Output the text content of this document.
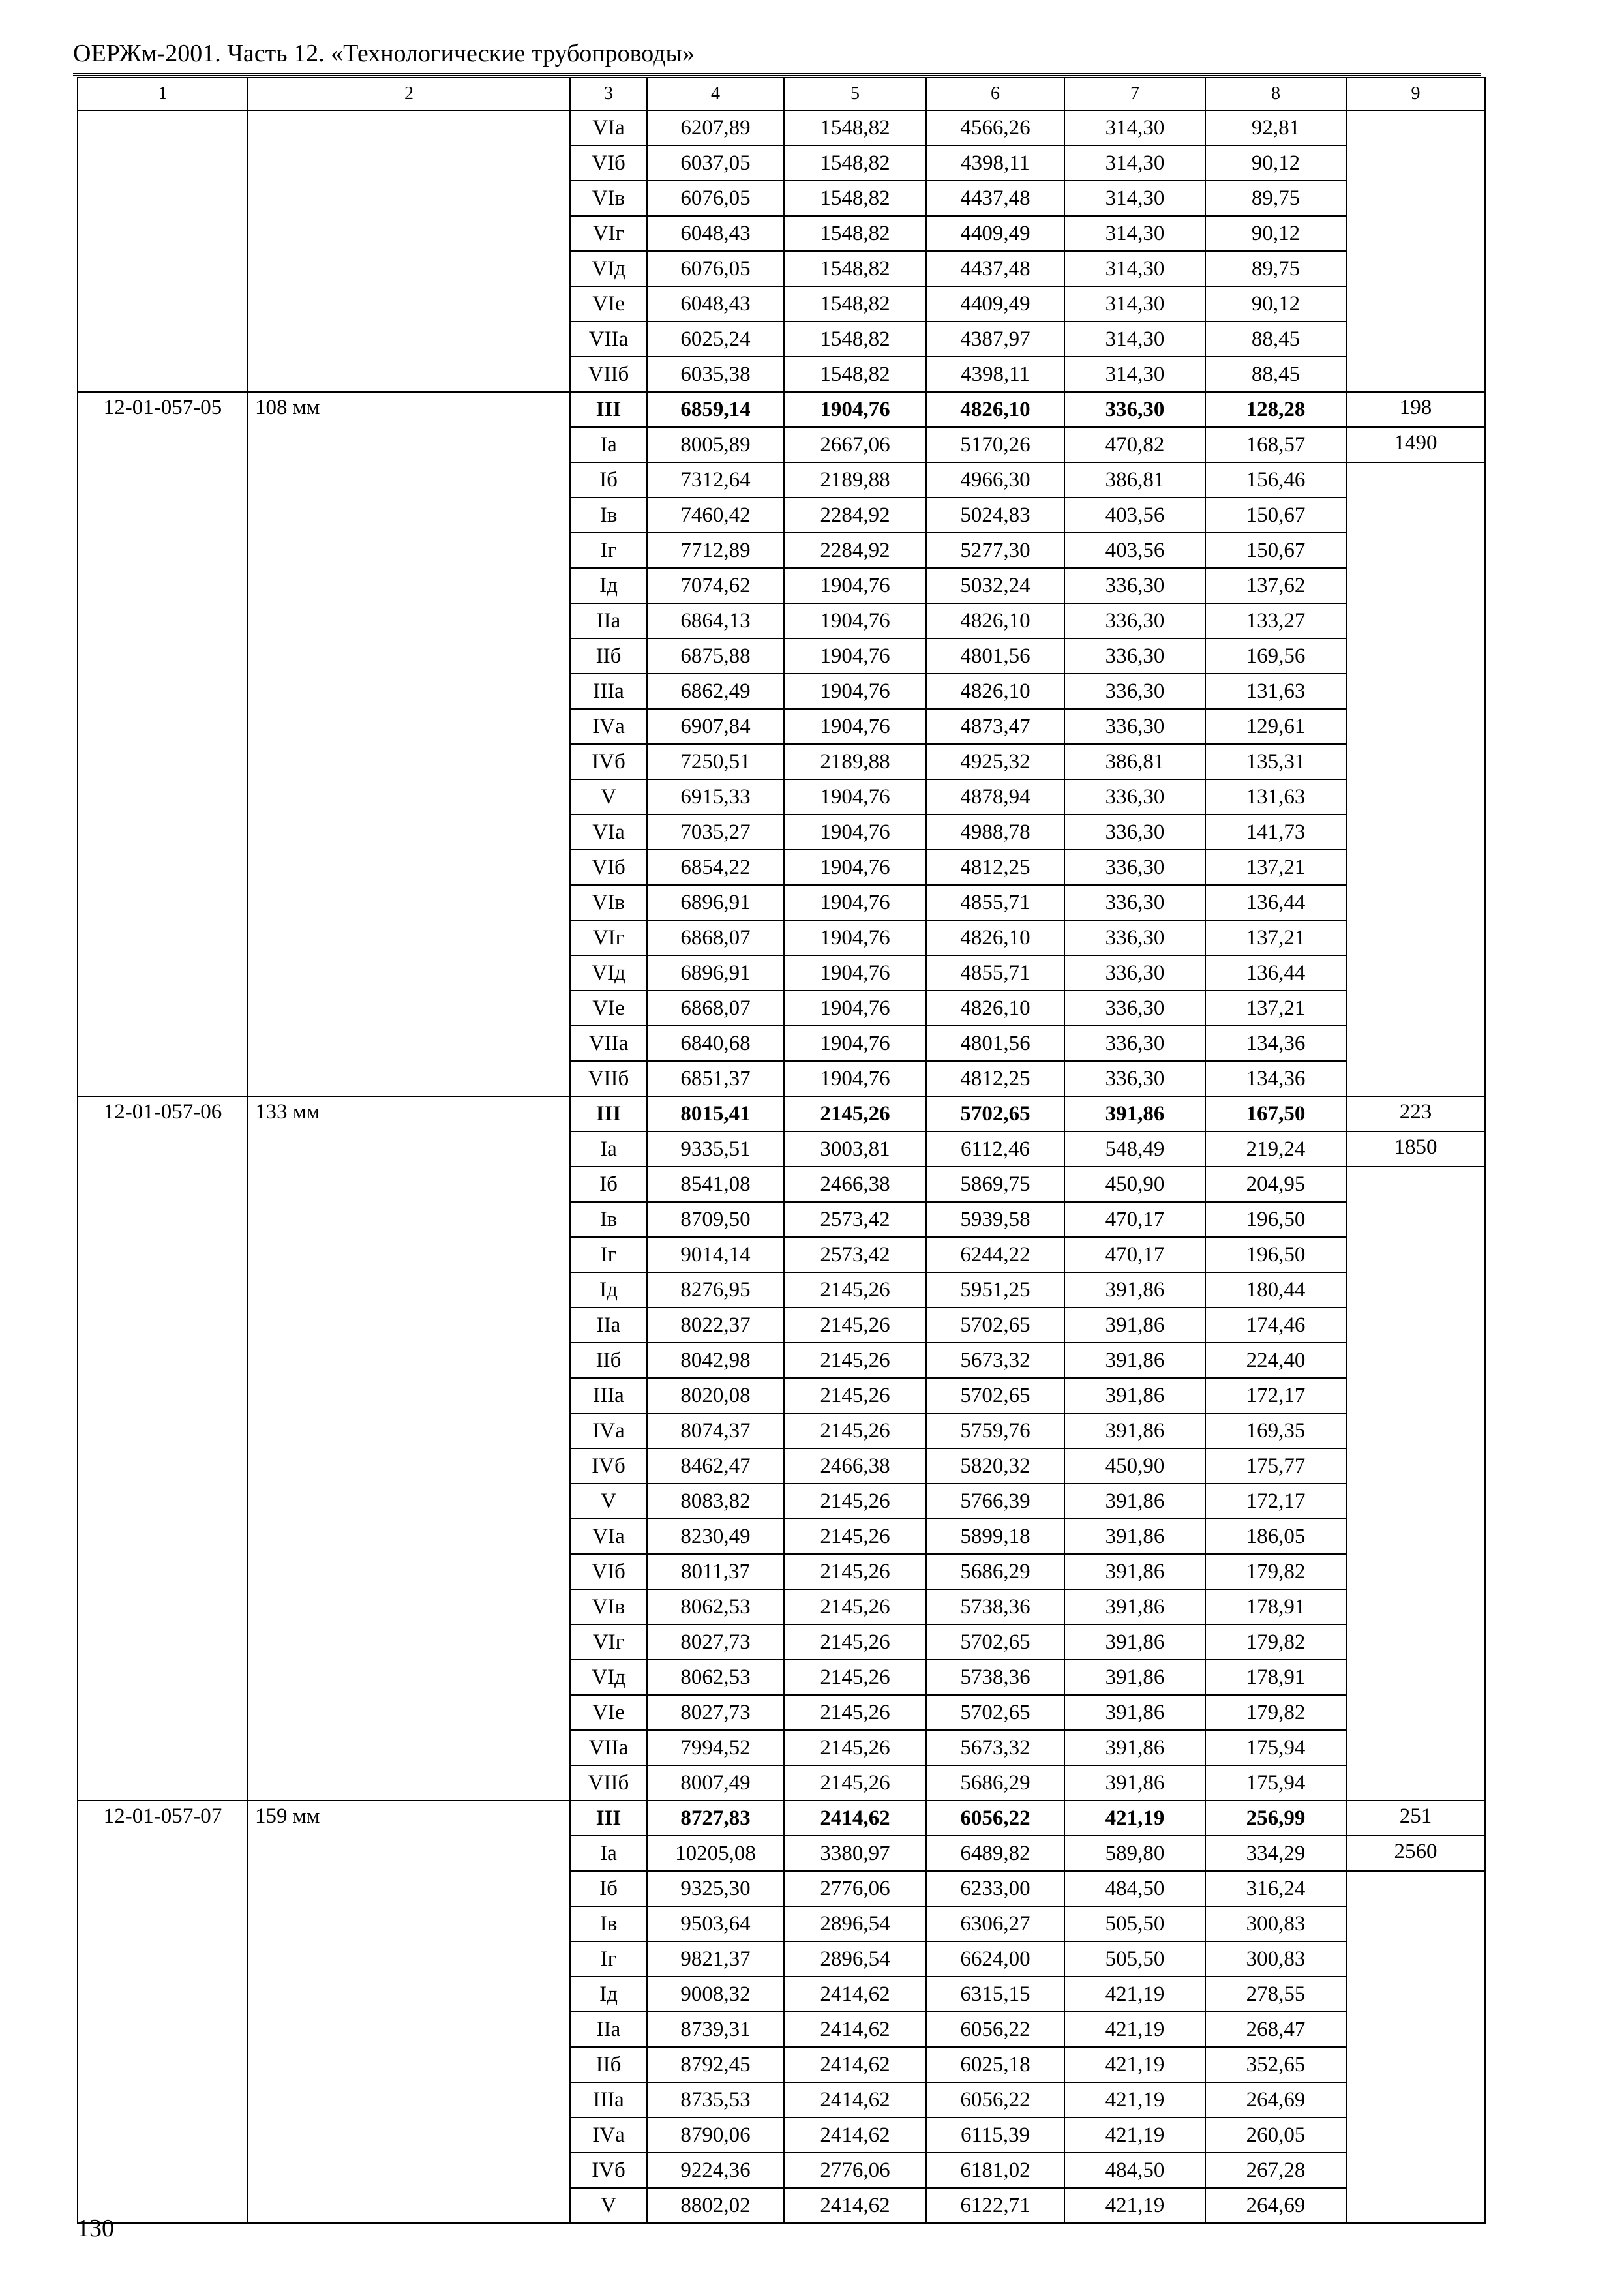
ОЕРЖм-2001. Часть 12. «Технологические трубопроводы»
1	2	3	4	5	6	7	8	9
		VIа	6207,89	1548,82	4566,26	314,30	92,81	
		VIб	6037,05	1548,82	4398,11	314,30	90,12	
		VIв	6076,05	1548,82	4437,48	314,30	89,75	
		VIг	6048,43	1548,82	4409,49	314,30	90,12	
		VIд	6076,05	1548,82	4437,48	314,30	89,75	
		VIе	6048,43	1548,82	4409,49	314,30	90,12	
		VIIа	6025,24	1548,82	4387,97	314,30	88,45	
		VIIб	6035,38	1548,82	4398,11	314,30	88,45	
12-01-057-05	108 мм	III	6859,14	1904,76	4826,10	336,30	128,28	198
		Iа	8005,89	2667,06	5170,26	470,82	168,57	1490
		Iб	7312,64	2189,88	4966,30	386,81	156,46	
		Iв	7460,42	2284,92	5024,83	403,56	150,67	
		Iг	7712,89	2284,92	5277,30	403,56	150,67	
		Iд	7074,62	1904,76	5032,24	336,30	137,62	
		IIа	6864,13	1904,76	4826,10	336,30	133,27	
		IIб	6875,88	1904,76	4801,56	336,30	169,56	
		IIIа	6862,49	1904,76	4826,10	336,30	131,63	
		IVа	6907,84	1904,76	4873,47	336,30	129,61	
		IVб	7250,51	2189,88	4925,32	386,81	135,31	
		V	6915,33	1904,76	4878,94	336,30	131,63	
		VIа	7035,27	1904,76	4988,78	336,30	141,73	
		VIб	6854,22	1904,76	4812,25	336,30	137,21	
		VIв	6896,91	1904,76	4855,71	336,30	136,44	
		VIг	6868,07	1904,76	4826,10	336,30	137,21	
		VIд	6896,91	1904,76	4855,71	336,30	136,44	
		VIе	6868,07	1904,76	4826,10	336,30	137,21	
		VIIа	6840,68	1904,76	4801,56	336,30	134,36	
		VIIб	6851,37	1904,76	4812,25	336,30	134,36	
12-01-057-06	133 мм	III	8015,41	2145,26	5702,65	391,86	167,50	223
		Iа	9335,51	3003,81	6112,46	548,49	219,24	1850
		Iб	8541,08	2466,38	5869,75	450,90	204,95	
		Iв	8709,50	2573,42	5939,58	470,17	196,50	
		Iг	9014,14	2573,42	6244,22	470,17	196,50	
		Iд	8276,95	2145,26	5951,25	391,86	180,44	
		IIа	8022,37	2145,26	5702,65	391,86	174,46	
		IIб	8042,98	2145,26	5673,32	391,86	224,40	
		IIIа	8020,08	2145,26	5702,65	391,86	172,17	
		IVа	8074,37	2145,26	5759,76	391,86	169,35	
		IVб	8462,47	2466,38	5820,32	450,90	175,77	
		V	8083,82	2145,26	5766,39	391,86	172,17	
		VIа	8230,49	2145,26	5899,18	391,86	186,05	
		VIб	8011,37	2145,26	5686,29	391,86	179,82	
		VIв	8062,53	2145,26	5738,36	391,86	178,91	
		VIг	8027,73	2145,26	5702,65	391,86	179,82	
		VIд	8062,53	2145,26	5738,36	391,86	178,91	
		VIе	8027,73	2145,26	5702,65	391,86	179,82	
		VIIа	7994,52	2145,26	5673,32	391,86	175,94	
		VIIб	8007,49	2145,26	5686,29	391,86	175,94	
12-01-057-07	159 мм	III	8727,83	2414,62	6056,22	421,19	256,99	251
		Iа	10205,08	3380,97	6489,82	589,80	334,29	2560
		Iб	9325,30	2776,06	6233,00	484,50	316,24	
		Iв	9503,64	2896,54	6306,27	505,50	300,83	
		Iг	9821,37	2896,54	6624,00	505,50	300,83	
		Iд	9008,32	2414,62	6315,15	421,19	278,55	
		IIа	8739,31	2414,62	6056,22	421,19	268,47	
		IIб	8792,45	2414,62	6025,18	421,19	352,65	
		IIIа	8735,53	2414,62	6056,22	421,19	264,69	
		IVа	8790,06	2414,62	6115,39	421,19	260,05	
		IVб	9224,36	2776,06	6181,02	484,50	267,28	
		V	8802,02	2414,62	6122,71	421,19	264,69	
130
